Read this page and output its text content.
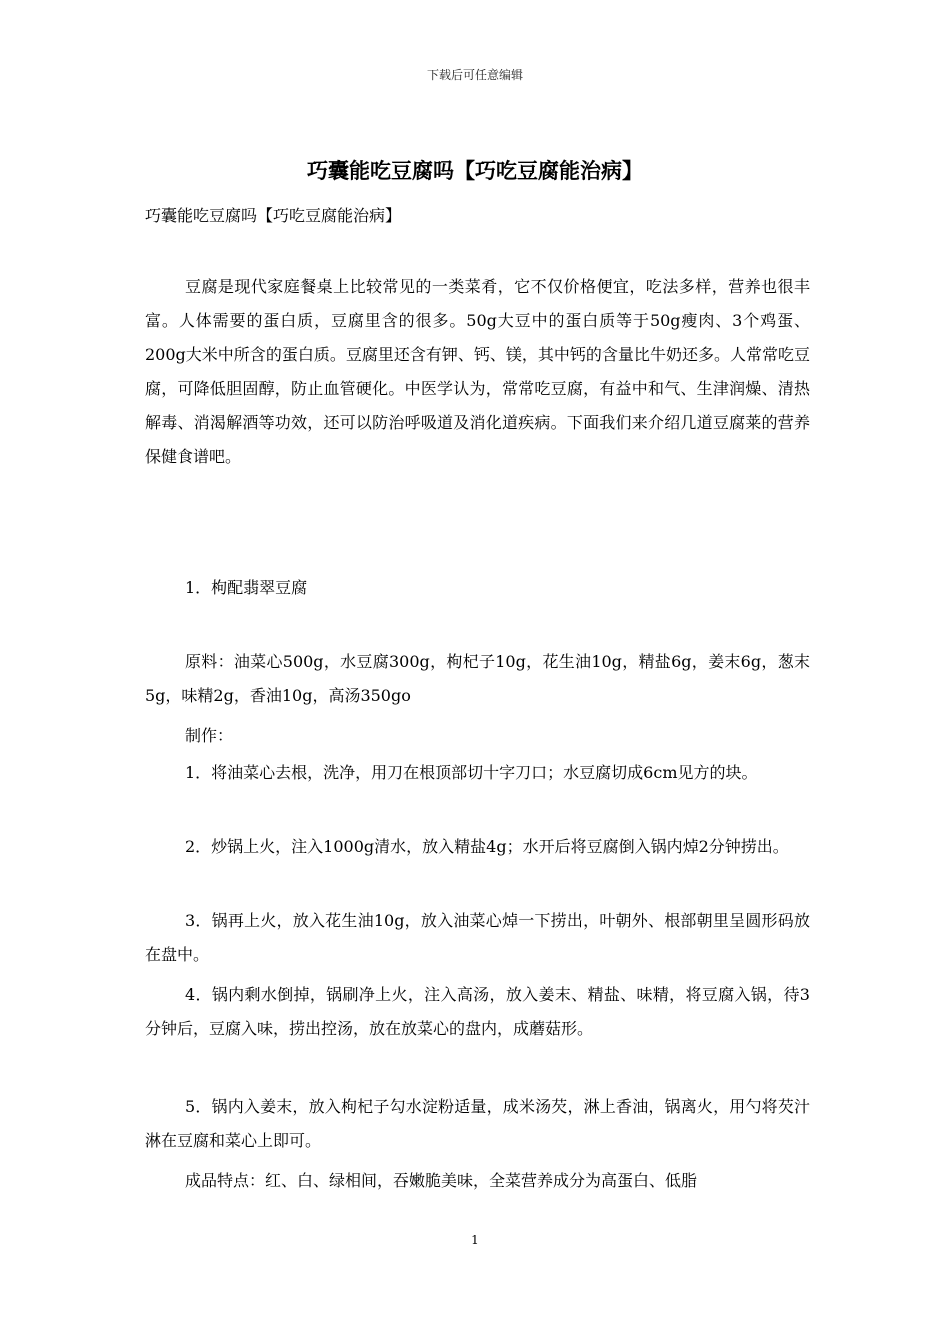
下载后可任意编辑
巧囊能吃豆腐吗【巧吃豆腐能治病】
巧囊能吃豆腐吗【巧吃豆腐能治病】
豆腐是现代家庭餐桌上比较常见的一类菜肴，它不仅价格便宜，吃法多样，营养也很丰富。人体需要的蛋白质，豆腐里含的很多。50g大豆中的蛋白质等于50g瘦肉、3个鸡蛋、200g大米中所含的蛋白质。豆腐里还含有钾、钙、镁，其中钙的含量比牛奶还多。人常常吃豆腐，可降低胆固醇，防止血管硬化。中医学认为，常常吃豆腐，有益中和气、生津润燥、清热解毒、消渴解酒等功效，还可以防治呼吸道及消化道疾病。下面我们来介绍几道豆腐莱的营养保健食谱吧。
1．枸配翡翠豆腐
原料：油菜心500g，水豆腐300g，枸杞子10g，花生油10g，精盐6g，姜末6g，葱末5g，味精2g，香油10g，高汤350go
制作：
1．将油菜心去根，洗净，用刀在根顶部切十字刀口；水豆腐切成6cm见方的块。
2．炒锅上火，注入1000g清水，放入精盐4g；水开后将豆腐倒入锅内焯2分钟捞出。
3．锅再上火，放入花生油10g，放入油菜心焯一下捞出，叶朝外、根部朝里呈圆形码放在盘中。
4．锅内剩水倒掉，锅刷净上火，注入高汤，放入姜末、精盐、味精，将豆腐入锅，待3分钟后，豆腐入味，捞出控汤，放在放菜心的盘内，成蘑菇形。
5．锅内入姜末，放入枸杞子勾水淀粉适量，成米汤芡，淋上香油，锅离火，用勺将芡汁淋在豆腐和菜心上即可。
成品特点：红、白、绿相间，吞嫩脆美味，全菜营养成分为高蛋白、低脂
1
